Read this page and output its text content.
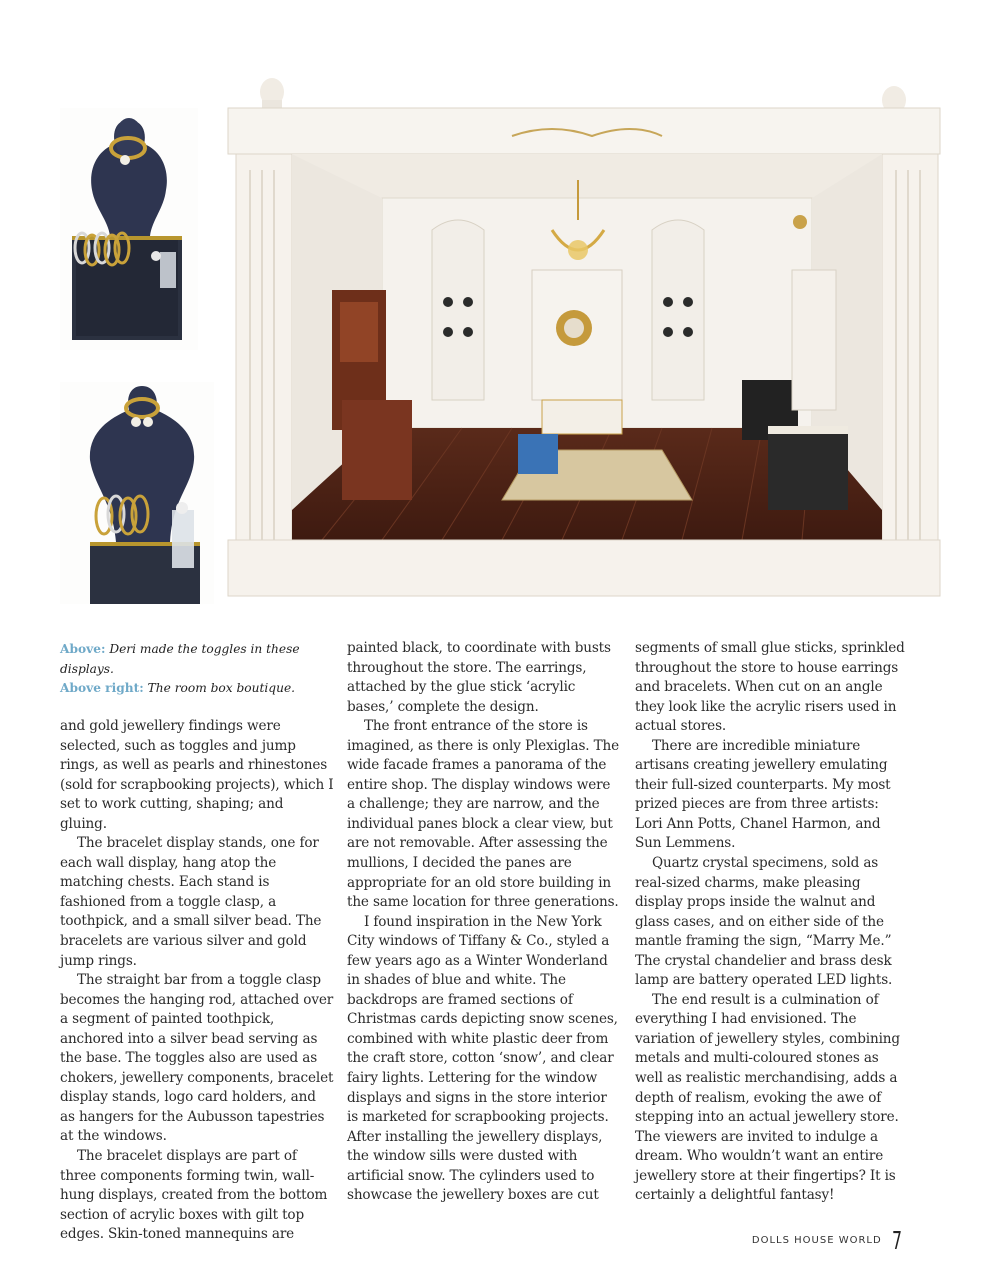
Above: Deri made the toggles in these displays.
Above right: The room box boutique.

and gold jewellery findings were selected, such as toggles and jump rings, as well as pearls and rhinestones (sold for scrapbooking projects), which I set to work cutting, shaping; and gluing.

The bracelet display stands, one for each wall display, hang atop the matching chests. Each stand is fashioned from a toggle clasp, a toothpick, and a small silver bead. The bracelets are various silver and gold jump rings.

The straight bar from a toggle clasp becomes the hanging rod, attached over a segment of painted toothpick, anchored into a silver bead serving as the base. The toggles also are used as chokers, jewellery components, bracelet display stands, logo card holders, and as hangers for the Aubusson tapestries at the windows.

The bracelet displays are part of three components forming twin, wall-hung displays, created from the bottom section of acrylic boxes with gilt top edges. Skin-toned mannequins are

painted black, to coordinate with busts throughout the store. The earrings, attached by the glue stick ‘acrylic bases,’ complete the design.

The front entrance of the store is imagined, as there is only Plexiglas. The wide facade frames a panorama of the entire shop. The display windows were a challenge; they are narrow, and the individual panes block a clear view, but are not removable. After assessing the mullions, I decided the panes are appropriate for an old store building in the same location for three generations.

I found inspiration in the New York City windows of Tiffany & Co., styled a few years ago as a Winter Wonderland in shades of blue and white. The backdrops are framed sections of Christmas cards depicting snow scenes, combined with white plastic deer from the craft store, cotton ‘snow’, and clear fairy lights. Lettering for the window displays and signs in the store interior is marketed for scrapbooking projects. After installing the jewellery displays, the window sills were dusted with artificial snow. The cylinders used to showcase the jewellery boxes are cut

segments of small glue sticks, sprinkled throughout the store to house earrings and bracelets. When cut on an angle they look like the acrylic risers used in actual stores.

There are incredible miniature artisans creating jewellery emulating their full-sized counterparts. My most prized pieces are from three artists: Lori Ann Potts, Chanel Harmon, and Sun Lemmens.

Quartz crystal specimens, sold as real-sized charms, make pleasing display props inside the walnut and glass cases, and on either side of the mantle framing the sign, “Marry Me.” The crystal chandelier and brass desk lamp are battery operated LED lights.

The end result is a culmination of everything I had envisioned. The variation of jewellery styles, combining metals and multi-coloured stones as well as realistic merchandising, adds a depth of realism, evoking the awe of stepping into an actual jewellery store. The viewers are invited to indulge a dream. Who wouldn’t want an entire jewellery store at their fingertips? It is certainly a delightful fantasy!

DOLLS HOUSE WORLD 7
